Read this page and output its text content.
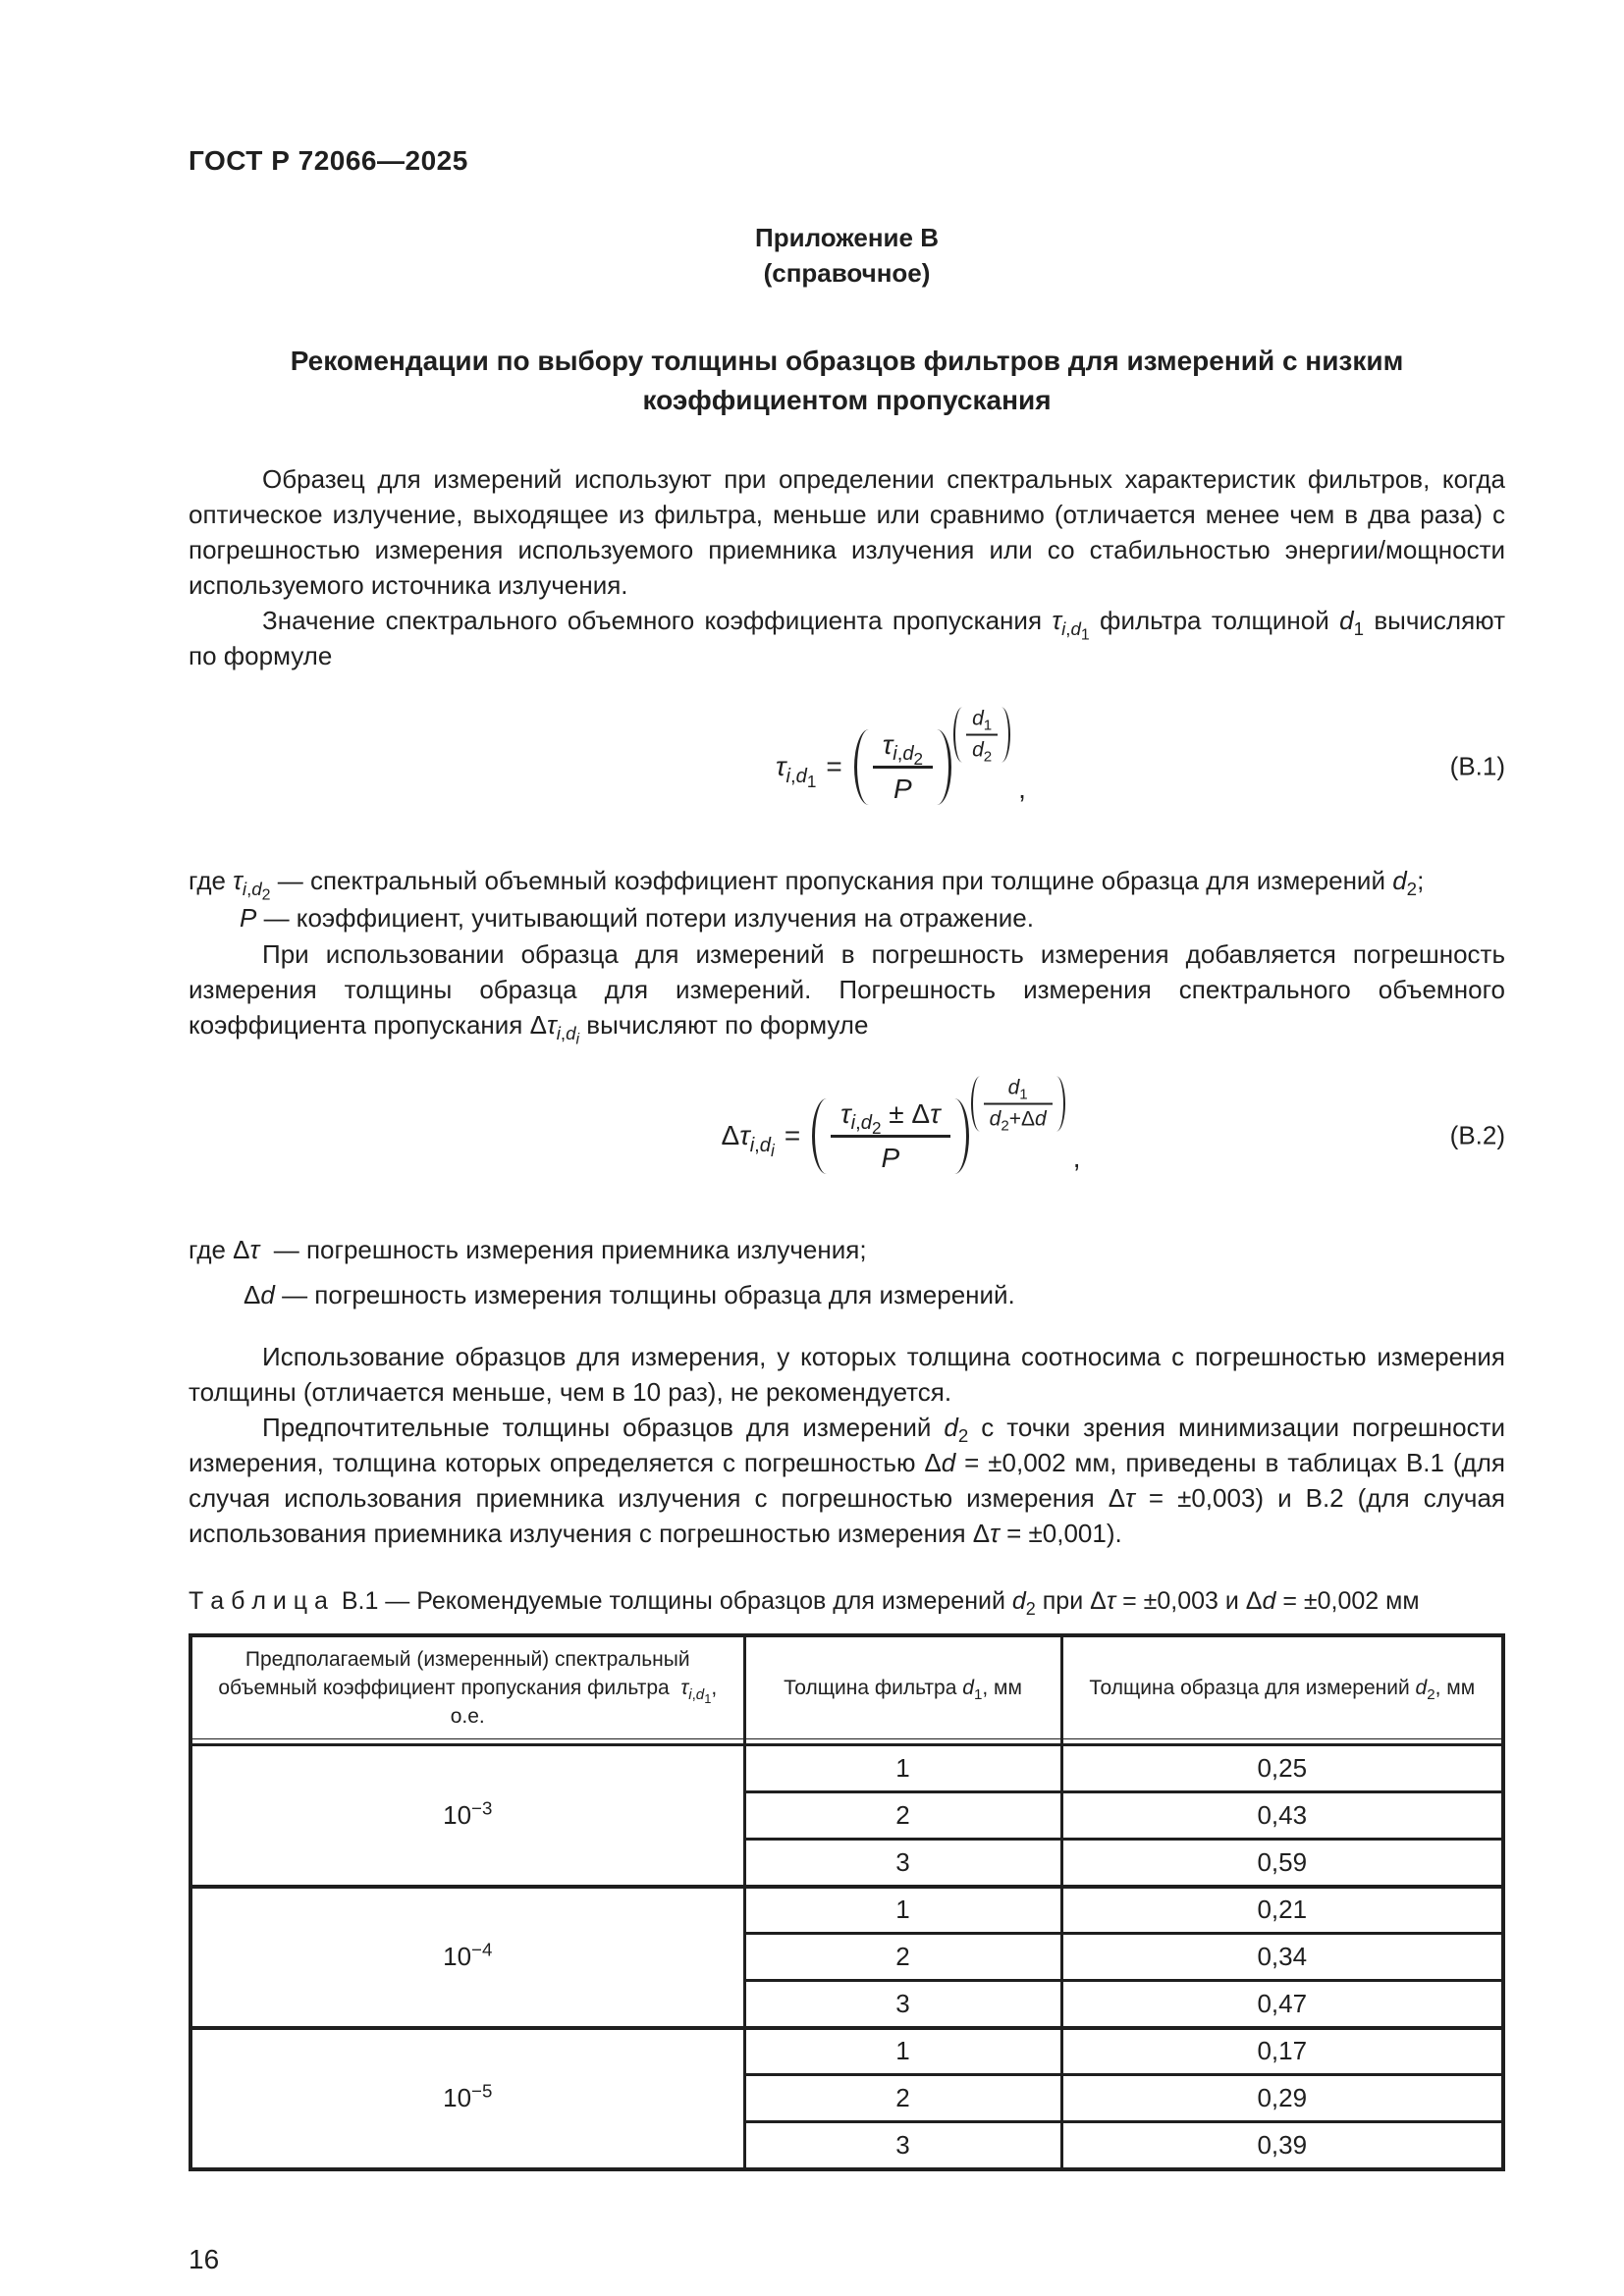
ГОСТ Р 72066—2025
Приложение В
(справочное)
Рекомендации по выбору толщины образцов фильтров для измерений с низким коэффициентом пропускания

Образец для измерений используют при определении спектральных характеристик фильтров, когда оптическое излучение, выходящее из фильтра, меньше или сравнимо (отличается менее чем в два раза) с погрешностью измерения используемого приемника излучения или со стабильностью энергии/мощности используемого источника излучения.

Значение спектрального объемного коэффициента пропускания $\tau_{i,d_1}$ фильтра толщиной $d_1$ вычисляют по формуле

$\tau_{i,d_1} = \frac{\tau_{i,d_2}}{P} \frac{d_1}{d_2}$
,
(В.1)

где $\tau_{i,d_2}$ — спектральный объемный коэффициент пропускания при толщине образца для измерений $d_2$;

P — коэффициент, учитывающий потери излучения на отражение.

При использовании образца для измерений в погрешность измерения добавляется погрешность измерения толщины образца для измерений. Погрешность измерения спектрального объемного коэффициента пропускания $\Delta\tau_{i,d_i}$ вычисляют по формуле

$\Delta\tau_{i,d_i} = \frac{\tau_{i,d_2} \pm \Delta\tau}{P} \frac{d_1}{d_2+\Delta d}$
,
(В.2)

где Δτ  — погрешность измерения приемника излучения;

Δd — погрешность измерения толщины образца для измерений.

Использование образцов для измерения, у которых толщина соотносима с погрешностью измерения толщины (отличается меньше, чем в 10 раз), не рекомендуется.

Предпочтительные толщины образцов для измерений $d_2$ с точки зрения минимизации погрешности измерения, толщина которых определяется с погрешностью Δd = ±0,002 мм, приведены в таблицах В.1 (для случая использования приемника излучения с погрешностью измерения Δτ = ±0,003) и В.2 (для случая использования приемника излучения с погрешностью измерения Δτ = ±0,001).

Т а б л и ц а  В.1 — Рекомендуемые толщины образцов для измерений $d_2$ при Δτ = ±0,003 и Δd = ±0,002 мм

Предполагаемый (измеренный) спектральный объемный коэффициент пропускания фильтра  $\tau_{i,d_1}$, о.е.	Толщина фильтра $d_1$, мм	Толщина образца для измерений $d_2$, мм

$10^{-3}$	1	0,25
	2	0,43
	3	0,59
$10^{-4}$	1	0,21
	2	0,34
	3	0,47
$10^{-5}$	1	0,17
	2	0,29
	3	0,39
16
